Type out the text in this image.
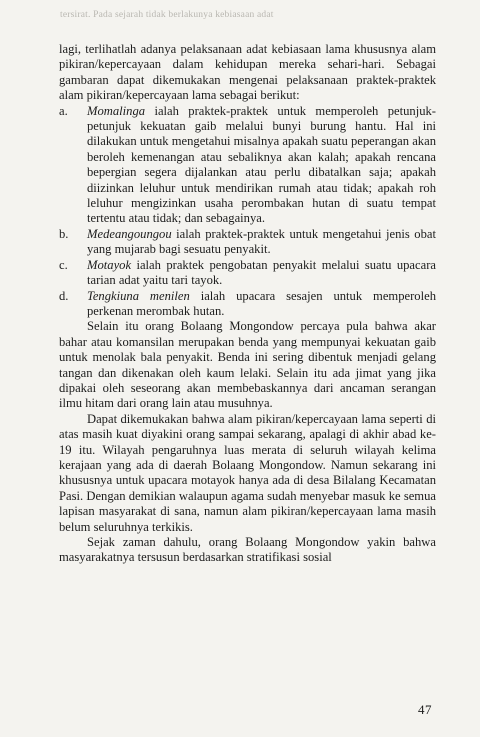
tersirat. Pada sejarah tidak berlakunya kebiasaan adat

lagi, terlihatlah adanya pelaksanaan adat kebiasaan lama khususnya alam pikiran/kepercayaan dalam kehidupan mereka sehari-hari. Sebagai gambaran dapat dikemukakan mengenai pelaksanaan praktek-praktek alam pikiran/kepercayaan lama sebagai berikut:

a. Momalinga ialah praktek-praktek untuk memperoleh petunjuk-petunjuk kekuatan gaib melalui bunyi burung hantu. Hal ini dilakukan untuk mengetahui misalnya apakah suatu peperangan akan beroleh kemenangan atau sebaliknya akan kalah; apakah rencana bepergian segera dijalankan atau perlu dibatalkan saja; apakah diizinkan leluhur untuk mendirikan rumah atau tidak; apakah roh leluhur mengizinkan usaha perombakan hutan di suatu tempat tertentu atau tidak; dan sebagainya.
b. Medeangoungou ialah praktek-praktek untuk mengetahui jenis obat yang mujarab bagi sesuatu penyakit.
c. Motayok ialah praktek pengobatan penyakit melalui suatu upacara tarian adat yaitu tari tayok.
d. Tengkiuna menilen ialah upacara sesajen untuk memperoleh perkenan merombak hutan.

Selain itu orang Bolaang Mongondow percaya pula bahwa akar bahar atau komansilan merupakan benda yang mempunyai kekuatan gaib untuk menolak bala penyakit. Benda ini sering dibentuk menjadi gelang tangan dan dikenakan oleh kaum lelaki. Selain itu ada jimat yang jika dipakai oleh seseorang akan membebaskannya dari ancaman serangan ilmu hitam dari orang lain atau musuhnya.

Dapat dikemukakan bahwa alam pikiran/kepercayaan lama seperti di atas masih kuat diyakini orang sampai sekarang, apalagi di akhir abad ke-19 itu. Wilayah pengaruhnya luas merata di seluruh wilayah kelima kerajaan yang ada di daerah Bolaang Mongondow. Namun sekarang ini khususnya untuk upacara motayok hanya ada di desa Bilalang Kecamatan Pasi. Dengan demikian walaupun agama sudah menyebar masuk ke semua lapisan masyarakat di sana, namun alam pikiran/kepercayaan lama masih belum seluruhnya terkikis.

Sejak zaman dahulu, orang Bolaang Mongondow yakin bahwa masyarakatnya tersusun berdasarkan stratifikasi sosial

47
